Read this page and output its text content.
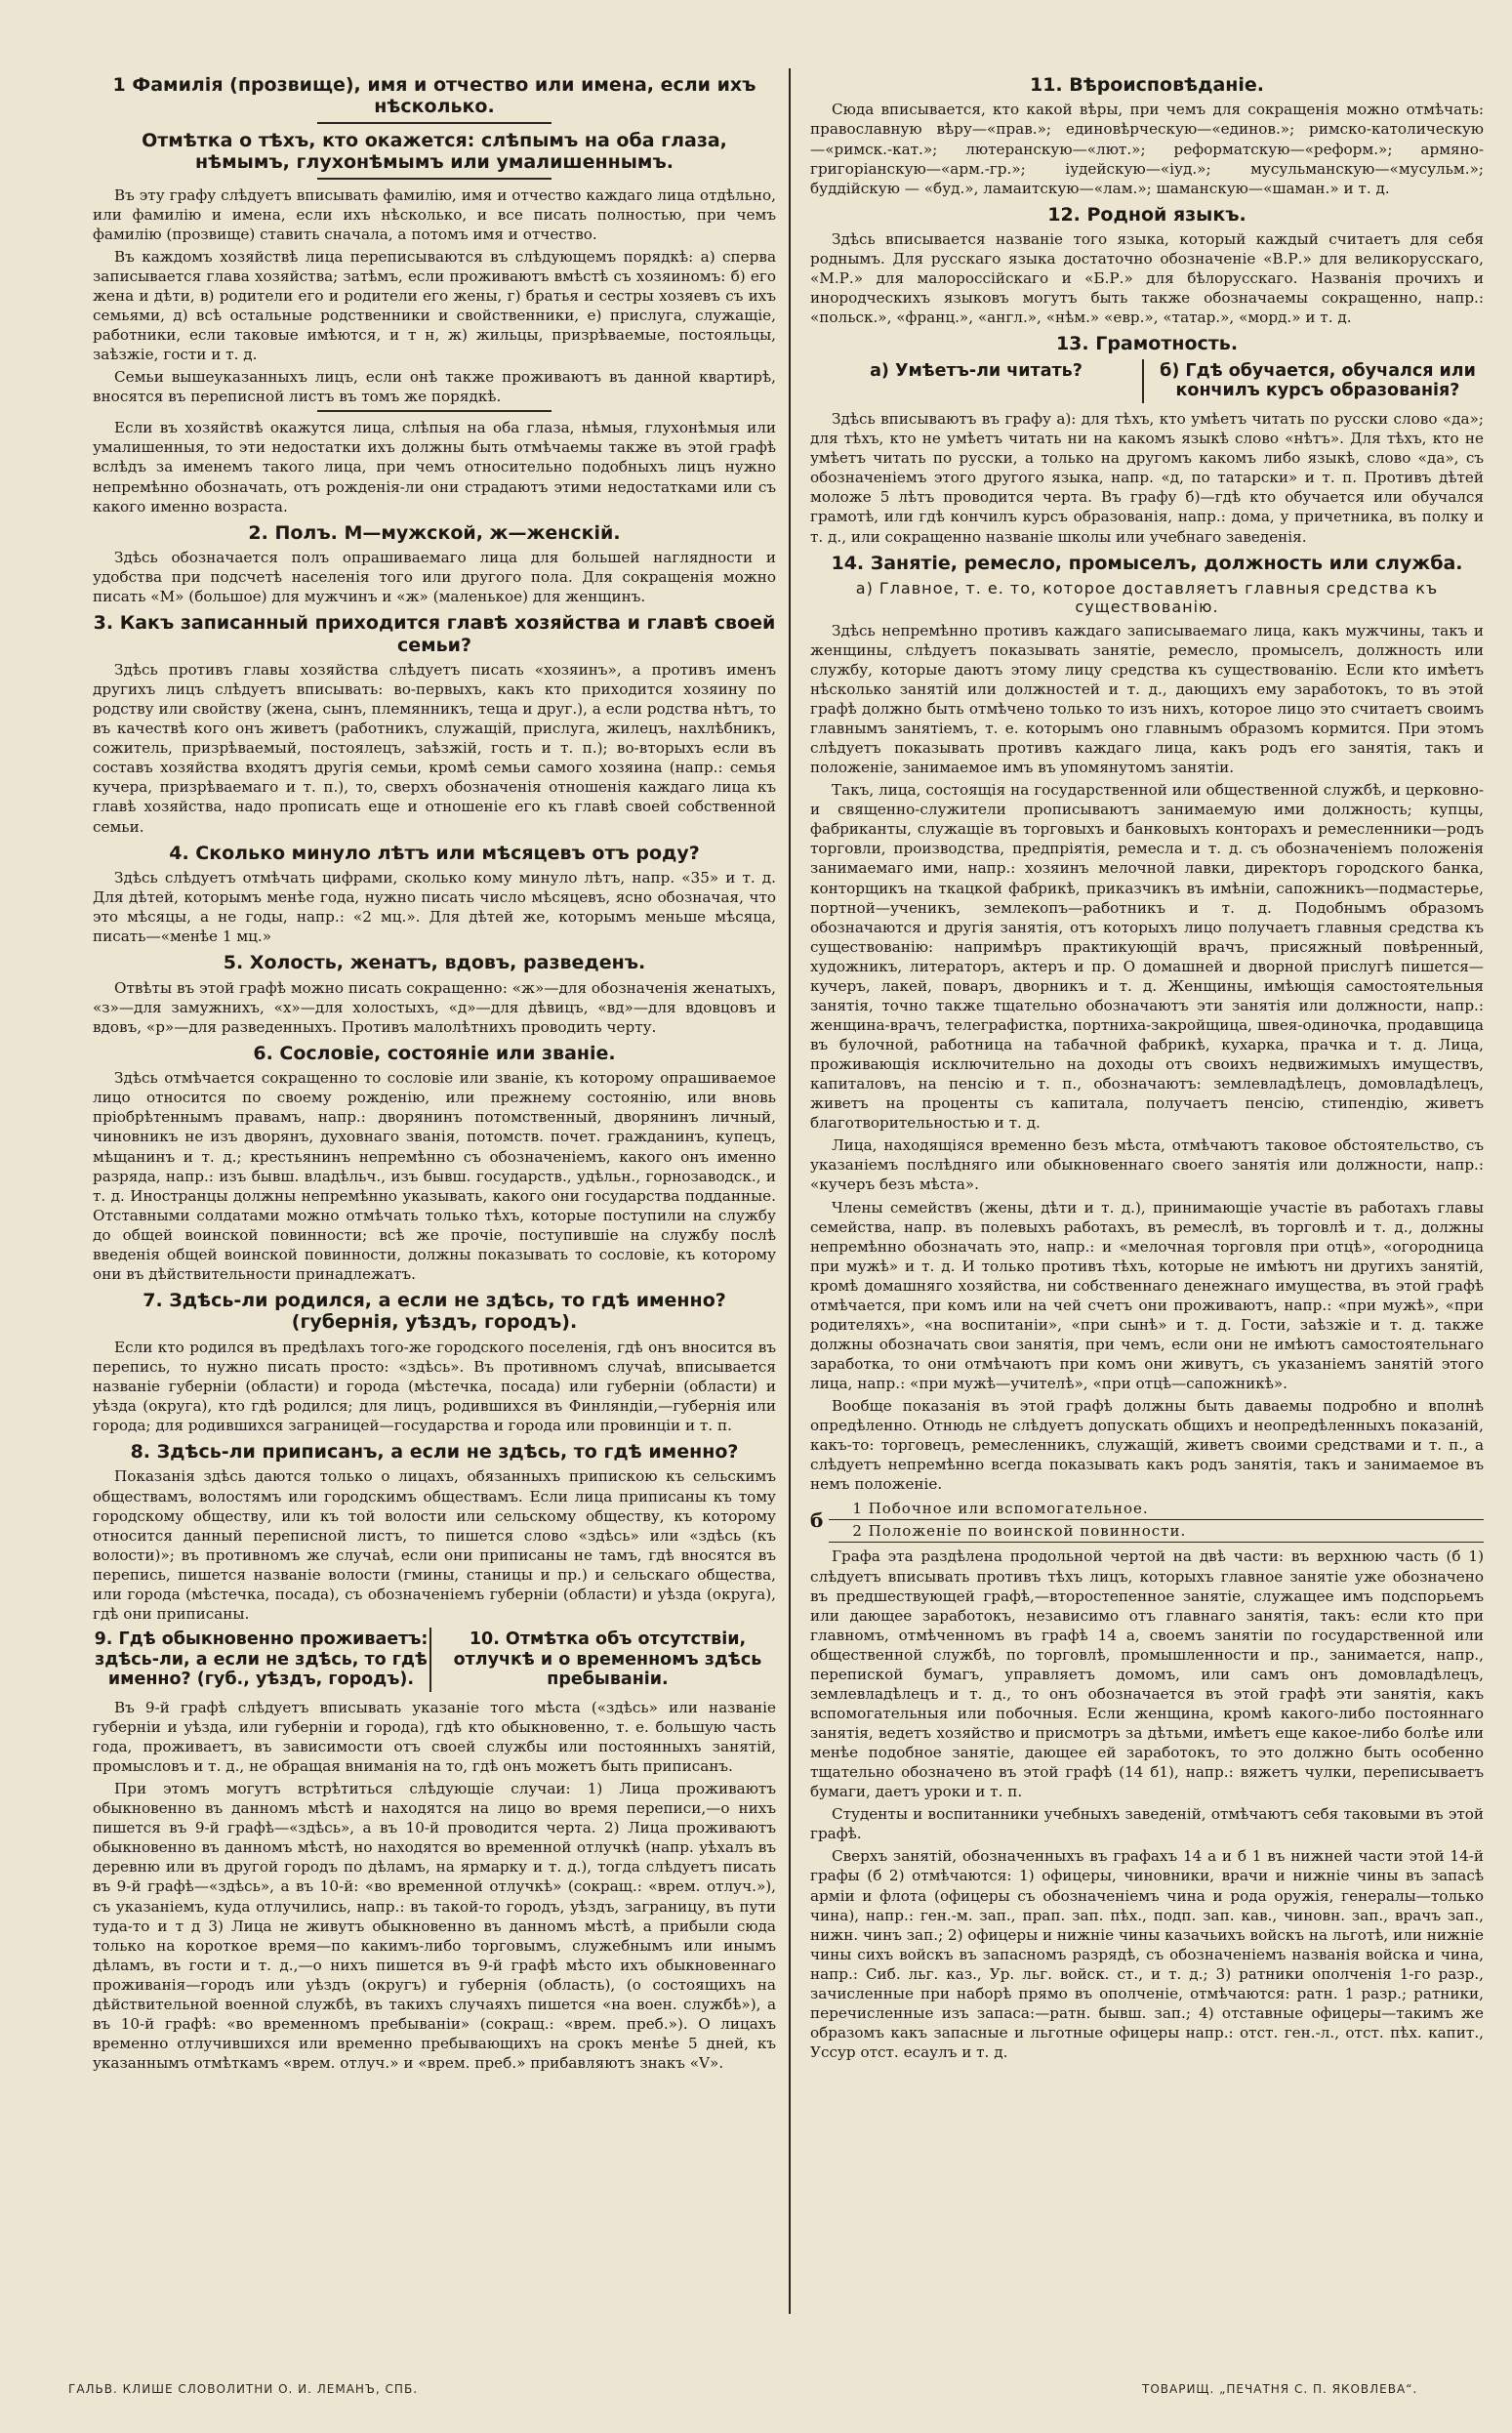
1 Фамилія (прозвище), имя и отчество или имена, если ихъ нѣсколько.
Отмѣтка о тѣхъ, кто окажется: слѣпымъ на оба глаза, нѣмымъ, глухонѣмымъ или умалишеннымъ.

Въ эту графу слѣдуетъ вписывать фамилію, имя и отчество каждаго лица отдѣльно, или фамилію и имена, если ихъ нѣсколько, и все писать полностью, при чемъ фамилію (прозвище) ставить сначала, а потомъ имя и отчество.

Въ каждомъ хозяйствѣ лица переписываются въ слѣдующемъ порядкѣ: а) сперва записывается глава хозяйства; затѣмъ, если проживаютъ вмѣстѣ съ хозяиномъ: б) его жена и дѣти, в) родители его и родители его жены, г) братья и сестры хозяевъ съ ихъ семьями, д) всѣ остальные родственники и свойственники, е) прислуга, служащіе, работники, если таковые имѣются, и т н, ж) жильцы, призрѣваемые, постояльцы, заѣзжіе, гости и т. д.

Семьи вышеуказанныхъ лицъ, если онѣ также проживаютъ въ данной квартирѣ, вносятся въ переписной листъ въ томъ же порядкѣ.

Если въ хозяйствѣ окажутся лица, слѣпыя на оба глаза, нѣмыя, глухонѣмыя или умалишенныя, то эти недостатки ихъ должны быть отмѣчаемы также въ этой графѣ вслѣдъ за именемъ такого лица, при чемъ относительно подобныхъ лицъ нужно непремѣнно обозначать, отъ рожденія-ли они страдаютъ этими недостатками или съ какого именно возраста.

2. Полъ. М—мужской, ж—женскій.

Здѣсь обозначается полъ опрашиваемаго лица для большей наглядности и удобства при подсчетѣ населенія того или другого пола. Для сокращенія можно писать «М» (большое) для мужчинъ и «ж» (маленькое) для женщинъ.

3. Какъ записанный приходится главѣ хозяйства и главѣ своей семьи?

Здѣсь противъ главы хозяйства слѣдуетъ писать «хозяинъ», а противъ именъ другихъ лицъ слѣдуетъ вписывать: во-первыхъ, какъ кто приходится хозяину по родству или свойству (жена, сынъ, племянникъ, теща и друг.), а если родства нѣтъ, то въ качествѣ кого онъ живетъ (работникъ, служащій, прислуга, жилецъ, нахлѣбникъ, сожитель, призрѣваемый, постоялецъ, заѣзжій, гость и т. п.); во-вторыхъ если въ составъ хозяйства входятъ другія семьи, кромѣ семьи самого хозяина (напр.: семья кучера, призрѣваемаго и т. п.), то, сверхъ обозначенія отношенія каждаго лица къ главѣ хозяйства, надо прописать еще и отношеніе его къ главѣ своей собственной семьи.

4. Сколько минуло лѣтъ или мѣсяцевъ отъ роду?

Здѣсь слѣдуетъ отмѣчать цифрами, сколько кому минуло лѣтъ, напр. «35» и т. д. Для дѣтей, которымъ менѣе года, нужно писать число мѣсяцевъ, ясно обозначая, что это мѣсяцы, а не годы, напр.: «2 мц.». Для дѣтей же, которымъ меньше мѣсяца, писать—«менѣе 1 мц.»

5. Холость, женатъ, вдовъ, разведенъ.

Отвѣты въ этой графѣ можно писать сокращенно: «ж»—для обозначенія женатыхъ, «з»—для замужнихъ, «х»—для холостыхъ, «д»—для дѣвицъ, «вд»—для вдовцовъ и вдовъ, «р»—для разведенныхъ. Противъ малолѣтнихъ проводить черту.

6. Сословіе, состояніе или званіе.

Здѣсь отмѣчается сокращенно то сословіе или званіе, къ которому опрашиваемое лицо относится по своему рожденію, или прежнему состоянію, или вновь пріобрѣтеннымъ правамъ, напр.: дворянинъ потомственный, дворянинъ личный, чиновникъ не изъ дворянъ, духовнаго званія, потомств. почет. гражданинъ, купецъ, мѣщанинъ и т. д.; крестьянинъ непремѣнно съ обозначеніемъ, какого онъ именно разряда, напр.: изъ бывш. владѣльч., изъ бывш. государств., удѣльн., горнозаводск., и т. д. Иностранцы должны непремѣнно указывать, какого они государства подданные. Отставными солдатами можно отмѣчать только тѣхъ, которые поступили на службу до общей воинской повинности; всѣ же прочіе, поступившіе на службу послѣ введенія общей воинской повинности, должны показывать то сословіе, къ которому они въ дѣйствительности принадлежатъ.

7. Здѣсь-ли родился, а если не здѣсь, то гдѣ именно? (губернія, уѣздъ, городъ).

Если кто родился въ предѣлахъ того-же городского поселенія, гдѣ онъ вносится въ перепись, то нужно писать просто: «здѣсь». Въ противномъ случаѣ, вписывается названіе губерніи (области) и города (мѣстечка, посада) или губерніи (области) и уѣзда (округа), кто гдѣ родился; для лицъ, родившихся въ Финляндіи,—губернія или города; для родившихся заграницей—государства и города или провинціи и т. п.

8. Здѣсь-ли приписанъ, а если не здѣсь, то гдѣ именно?

Показанія здѣсь даются только о лицахъ, обязанныхъ припискою къ сельскимъ обществамъ, волостямъ или городскимъ обществамъ. Если лица приписаны къ тому городскому обществу, или къ той волости или сельскому обществу, къ которому относится данный переписной листъ, то пишется слово «здѣсь» или «здѣсь (къ волости)»; въ противномъ же случаѣ, если они приписаны не тамъ, гдѣ вносятся въ перепись, пишется названіе волости (гмины, станицы и пр.) и сельскаго общества, или города (мѣстечка, посада), съ обозначеніемъ губерніи (области) и уѣзда (округа), гдѣ они приписаны.

9. Гдѣ обыкновенно проживаетъ: здѣсь-ли, а если не здѣсь, то гдѣ именно? (губ., уѣздъ, городъ).
10. Отмѣтка объ отсутствіи, отлучкѣ и о временномъ здѣсь пребываніи.

Въ 9-й графѣ слѣдуетъ вписывать указаніе того мѣста («здѣсь» или названіе губерніи и уѣзда, или губерніи и города), гдѣ кто обыкновенно, т. е. большую часть года, проживаетъ, въ зависимости отъ своей службы или постоянныхъ занятій, промысловъ и т. д., не обращая вниманія на то, гдѣ онъ можетъ быть приписанъ.

При этомъ могутъ встрѣтиться слѣдующіе случаи: 1) Лица проживаютъ обыкновенно въ данномъ мѣстѣ и находятся на лицо во время переписи,—о нихъ пишется въ 9-й графѣ—«здѣсь», а въ 10-й проводится черта. 2) Лица проживаютъ обыкновенно въ данномъ мѣстѣ, но находятся во временной отлучкѣ (напр. уѣхалъ въ деревню или въ другой городъ по дѣламъ, на ярмарку и т. д.), тогда слѣдуетъ писать въ 9-й графѣ—«здѣсь», а въ 10-й: «во временной отлучкѣ» (сокращ.: «врем. отлуч.»), съ указаніемъ, куда отлучились, напр.: въ такой-то городъ, уѣздъ, заграницу, въ пути туда-то и т д 3) Лица не живутъ обыкновенно въ данномъ мѣстѣ, а прибыли сюда только на короткое время—по какимъ-либо торговымъ, служебнымъ или инымъ дѣламъ, въ гости и т. д.,—о нихъ пишется въ 9-й графѣ мѣсто ихъ обыкновеннаго проживанія—городъ или уѣздъ (округъ) и губернія (область), (о состоящихъ на дѣйствительной военной службѣ, въ такихъ случаяхъ пишется «на воен. службѣ»), а въ 10-й графѣ: «во временномъ пребываніи» (сокращ.: «врем. преб.»). О лицахъ временно отлучившихся или временно пребывающихъ на срокъ менѣе 5 дней, къ указаннымъ отмѣткамъ «врем. отлуч.» и «врем. преб.» прибавляютъ знакъ «V».

11. Вѣроисповѣданіе.

Сюда вписывается, кто какой вѣры, при чемъ для сокращенія можно отмѣчать: православную вѣру—«прав.»; единовѣрческую—«единов.»; римско-католическую—«римск.-кат.»; лютеранскую—«лют.»; реформатскую—«реформ.»; армяно-григоріанскую—«арм.-гр.»; іудейскую—«іуд.»; мусульманскую—«мусульм.»; буддійскую — «буд.», ламаитскую—«лам.»; шаманскую—«шаман.» и т. д.

12. Родной языкъ.

Здѣсь вписывается названіе того языка, который каждый считаетъ для себя роднымъ. Для русскаго языка достаточно обозначеніе «В.Р.» для великорусскаго, «М.Р.» для малороссійскаго и «Б.Р.» для бѣлорусскаго. Названія прочихъ и инородческихъ языковъ могутъ быть также обозначаемы сокращенно, напр.: «польск.», «франц.», «англ.», «нѣм.» «евр.», «татар.», «морд.» и т. д.

13. Грамотность.
а) Умѣетъ-ли читать?	б) Гдѣ обучается, обучался или кончилъ курсъ образованія?

Здѣсь вписываютъ въ графу а): для тѣхъ, кто умѣетъ читать по русски слово «да»; для тѣхъ, кто не умѣетъ читать ни на какомъ языкѣ слово «нѣтъ». Для тѣхъ, кто не умѣетъ читать по русски, а только на другомъ какомъ либо языкѣ, слово «да», съ обозначеніемъ этого другого языка, напр. «д, по татарски» и т. п. Противъ дѣтей моложе 5 лѣтъ проводится черта. Въ графу б)—гдѣ кто обучается или обучался грамотѣ, или гдѣ кончилъ курсъ образованія, напр.: дома, у причетника, въ полку и т. д., или сокращенно названіе школы или учебнаго заведенія.

14. Занятіе, ремесло, промыселъ, должность или служба.
а) Главное, т. е. то, которое доставляетъ главныя средства къ существованію.

Здѣсь непремѣнно противъ каждаго записываемаго лица, какъ мужчины, такъ и женщины, слѣдуетъ показывать занятіе, ремесло, промыселъ, должность или службу, которые даютъ этому лицу средства къ существованію. Если кто имѣетъ нѣсколько занятій или должностей и т. д., дающихъ ему заработокъ, то въ этой графѣ должно быть отмѣчено только то изъ нихъ, которое лицо это считаетъ своимъ главнымъ занятіемъ, т. е. которымъ оно главнымъ образомъ кормится. При этомъ слѣдуетъ показывать противъ каждаго лица, какъ родъ его занятія, такъ и положеніе, занимаемое имъ въ упомянутомъ занятіи.

Такъ, лица, состоящія на государственной или общественной службѣ, и церковно-и священно-служители прописываютъ занимаемую ими должность; купцы, фабриканты, служащіе въ торговыхъ и банковыхъ конторахъ и ремесленники—родъ торговли, производства, предпріятія, ремесла и т. д. съ обозначеніемъ положенія занимаемаго ими, напр.: хозяинъ мелочной лавки, директоръ городского банка, конторщикъ на ткацкой фабрикѣ, приказчикъ въ имѣніи, сапожникъ—подмастерье, портной—ученикъ, землекопъ—работникъ и т. д. Подобнымъ образомъ обозначаются и другія занятія, отъ которыхъ лицо получаетъ главныя средства къ существованію: напримѣръ практикующій врачъ, присяжный повѣренный, художникъ, литераторъ, актеръ и пр. О домашней и дворной прислугѣ пишется—кучеръ, лакей, поваръ, дворникъ и т. д. Женщины, имѣющія самостоятельныя занятія, точно также тщательно обозначаютъ эти занятія или должности, напр.: женщина-врачъ, телеграфистка, портниха-закройщица, швея-одиночка, продавщица въ булочной, работница на табачной фабрикѣ, кухарка, прачка и т. д. Лица, проживающія исключительно на доходы отъ своихъ недвижимыхъ имуществъ, капиталовъ, на пенсію и т. п., обозначаютъ: землевладѣлецъ, домовладѣлецъ, живетъ на проценты съ капитала, получаетъ пенсію, стипендію, живетъ благотворительностью и т. д.

Лица, находящіяся временно безъ мѣста, отмѣчаютъ таковое обстоятельство, съ указаніемъ послѣдняго или обыкновеннаго своего занятія или должности, напр.: «кучеръ безъ мѣста».

Члены семействъ (жены, дѣти и т. д.), принимающіе участіе въ работахъ главы семейства, напр. въ полевыхъ работахъ, въ ремеслѣ, въ торговлѣ и т. д., должны непремѣнно обозначать это, напр.: и «мелочная торговля при отцѣ», «огородница при мужѣ» и т. д. И только противъ тѣхъ, которые не имѣютъ ни другихъ занятій, кромѣ домашняго хозяйства, ни собственнаго денежнаго имущества, въ этой графѣ отмѣчается, при комъ или на чей счетъ они проживаютъ, напр.: «при мужѣ», «при родителяхъ», «на воспитаніи», «при сынѣ» и т. д. Гости, заѣзжіе и т. д. также должны обозначать свои занятія, при чемъ, если они не имѣютъ самостоятельнаго заработка, то они отмѣчаютъ при комъ они живутъ, съ указаніемъ занятій этого лица, напр.: «при мужѣ—учителѣ», «при отцѣ—сапожникѣ».

Вообще показанія въ этой графѣ должны быть даваемы подробно и вполнѣ опредѣленно. Отнюдь не слѣдуетъ допускать общихъ и неопредѣленныхъ показаній, какъ-то: торговецъ, ремесленникъ, служащій, живетъ своими средствами и т. п., а слѣдуетъ непремѣнно всегда показывать какъ родъ занятія, такъ и занимаемое въ немъ положеніе.

б	1 Побочное или вспомогательное.
2 Положеніе по воинской повинности.

Графа эта раздѣлена продольной чертой на двѣ части: въ верхнюю часть (б 1) слѣдуетъ вписывать противъ тѣхъ лицъ, которыхъ главное занятіе уже обозначено въ предшествующей графѣ,—второстепенное занятіе, служащее имъ подспорьемъ или дающее заработокъ, независимо отъ главнаго занятія, такъ: если кто при главномъ, отмѣченномъ въ графѣ 14 а, своемъ занятіи по государственной или общественной службѣ, по торговлѣ, промышленности и пр., занимается, напр., перепиской бумагъ, управляетъ домомъ, или самъ онъ домовладѣлецъ, землевладѣлецъ и т. д., то онъ обозначается въ этой графѣ эти занятія, какъ вспомогательныя или побочныя. Если женщина, кромѣ какого-либо постояннаго занятія, ведетъ хозяйство и присмотръ за дѣтьми, имѣетъ еще какое-либо болѣе или менѣе подобное занятіе, дающее ей заработокъ, то это должно быть особенно тщательно обозначено въ этой графѣ (14 б1), напр.: вяжетъ чулки, переписываетъ бумаги, даетъ уроки и т. п.

Студенты и воспитанники учебныхъ заведеній, отмѣчаютъ себя таковыми въ этой графѣ.

Сверхъ занятій, обозначенныхъ въ графахъ 14 а и б 1 въ нижней части этой 14-й графы (б 2) отмѣчаются: 1) офицеры, чиновники, врачи и нижніе чины въ запасѣ арміи и флота (офицеры съ обозначеніемъ чина и рода оружія, генералы—только чина), напр.: ген.-м. зап., прап. зап. пѣх., подп. зап. кав., чиновн. зап., врачъ зап., нижн. чинъ зап.; 2) офицеры и нижніе чины казачьихъ войскъ на льготѣ, или нижніе чины сихъ войскъ въ запасномъ разрядѣ, съ обозначеніемъ названія войска и чина, напр.: Сиб. льг. каз., Ур. льг. войск. ст., и т. д.; 3) ратники ополченія 1-го разр., зачисленные при наборѣ прямо въ ополченіе, отмѣчаются: ратн. 1 разр.; ратники, перечисленные изъ запаса:—ратн. бывш. зап.; 4) отставные офицеры—такимъ же образомъ какъ запасные и льготные офицеры напр.: отст. ген.-л., отст. пѣх. капит., Уссур отст. есаулъ и т. д.

ГАЛЬВ. КЛИШЕ СЛОВОЛИТНИ О. И. ЛЕМАНЪ, СПБ.	ТОВАРИЩ. „ПЕЧАТНЯ С. П. ЯКОВЛЕВА“.
